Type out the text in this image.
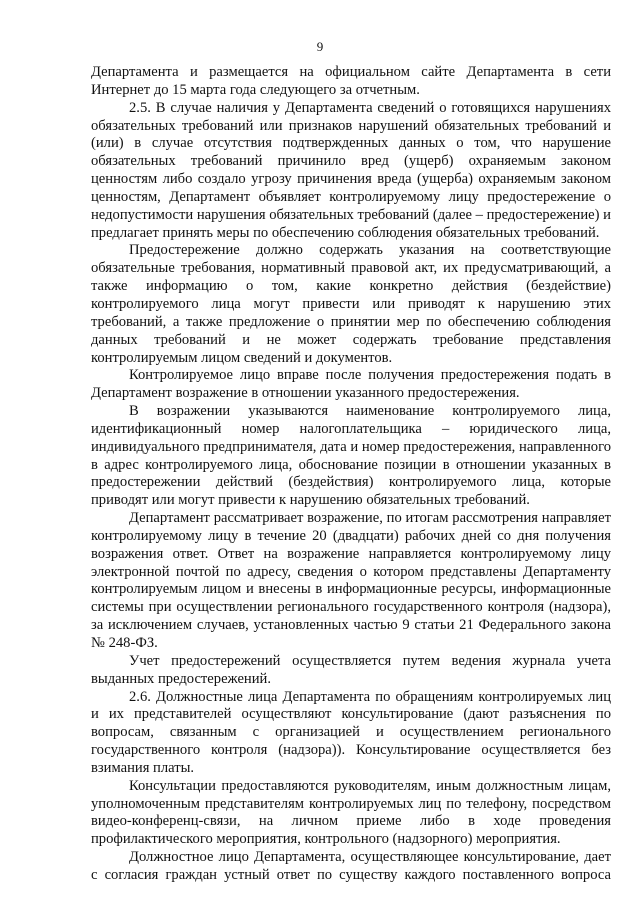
9

Департамента и размещается на официальном сайте Департамента в сети Интернет до 15 марта года следующего за отчетным.

2.5. В случае наличия у Департамента сведений о готовящихся нарушениях обязательных требований или признаков нарушений обязательных требований и (или) в случае отсутствия подтвержденных данных о том, что нарушение обязательных требований причинило вред (ущерб) охраняемым законом ценностям либо создало угрозу причинения вреда (ущерба) охраняемым законом ценностям, Департамент объявляет контролируемому лицу предостережение о недопустимости нарушения обязательных требований (далее – предостережение) и предлагает принять меры по обеспечению соблюдения обязательных требований.

Предостережение должно содержать указания на соответствующие обязательные требования, нормативный правовой акт, их предусматривающий, а также информацию о том, какие конкретно действия (бездействие) контролируемого лица могут привести или приводят к нарушению этих требований, а также предложение о принятии мер по обеспечению соблюдения данных требований и не может содержать требование представления контролируемым лицом сведений и документов.

Контролируемое лицо вправе после получения предостережения подать в Департамент возражение в отношении указанного предостережения.

В возражении указываются наименование контролируемого лица, идентификационный номер налогоплательщика – юридического лица, индивидуального предпринимателя, дата и номер предостережения, направленного в адрес контролируемого лица, обоснование позиции в отношении указанных в предостережении действий (бездействия) контролируемого лица, которые приводят или могут привести к нарушению обязательных требований.

Департамент рассматривает возражение, по итогам рассмотрения направляет контролируемому лицу в течение 20 (двадцати) рабочих дней со дня получения возражения ответ. Ответ на возражение направляется контролируемому лицу электронной почтой по адресу, сведения о котором представлены Департаменту контролируемым лицом и внесены в информационные ресурсы, информационные системы при осуществлении регионального государственного контроля (надзора), за исключением случаев, установленных частью 9 статьи 21 Федерального закона № 248-ФЗ.

Учет предостережений осуществляется путем ведения журнала учета выданных предостережений.

2.6. Должностные лица Департамента по обращениям контролируемых лиц и их представителей осуществляют консультирование (дают разъяснения по вопросам, связанным с организацией и осуществлением регионального государственного контроля (надзора)). Консультирование осуществляется без взимания платы.

Консультации предоставляются руководителям, иным должностным лицам, уполномоченным представителям контролируемых лиц по телефону, посредством видео-конференц-связи, на личном приеме либо в ходе проведения профилактического мероприятия, контрольного (надзорного) мероприятия.

Должностное лицо Департамента, осуществляющее консультирование, дает с согласия граждан устный ответ по существу каждого поставленного вопроса
